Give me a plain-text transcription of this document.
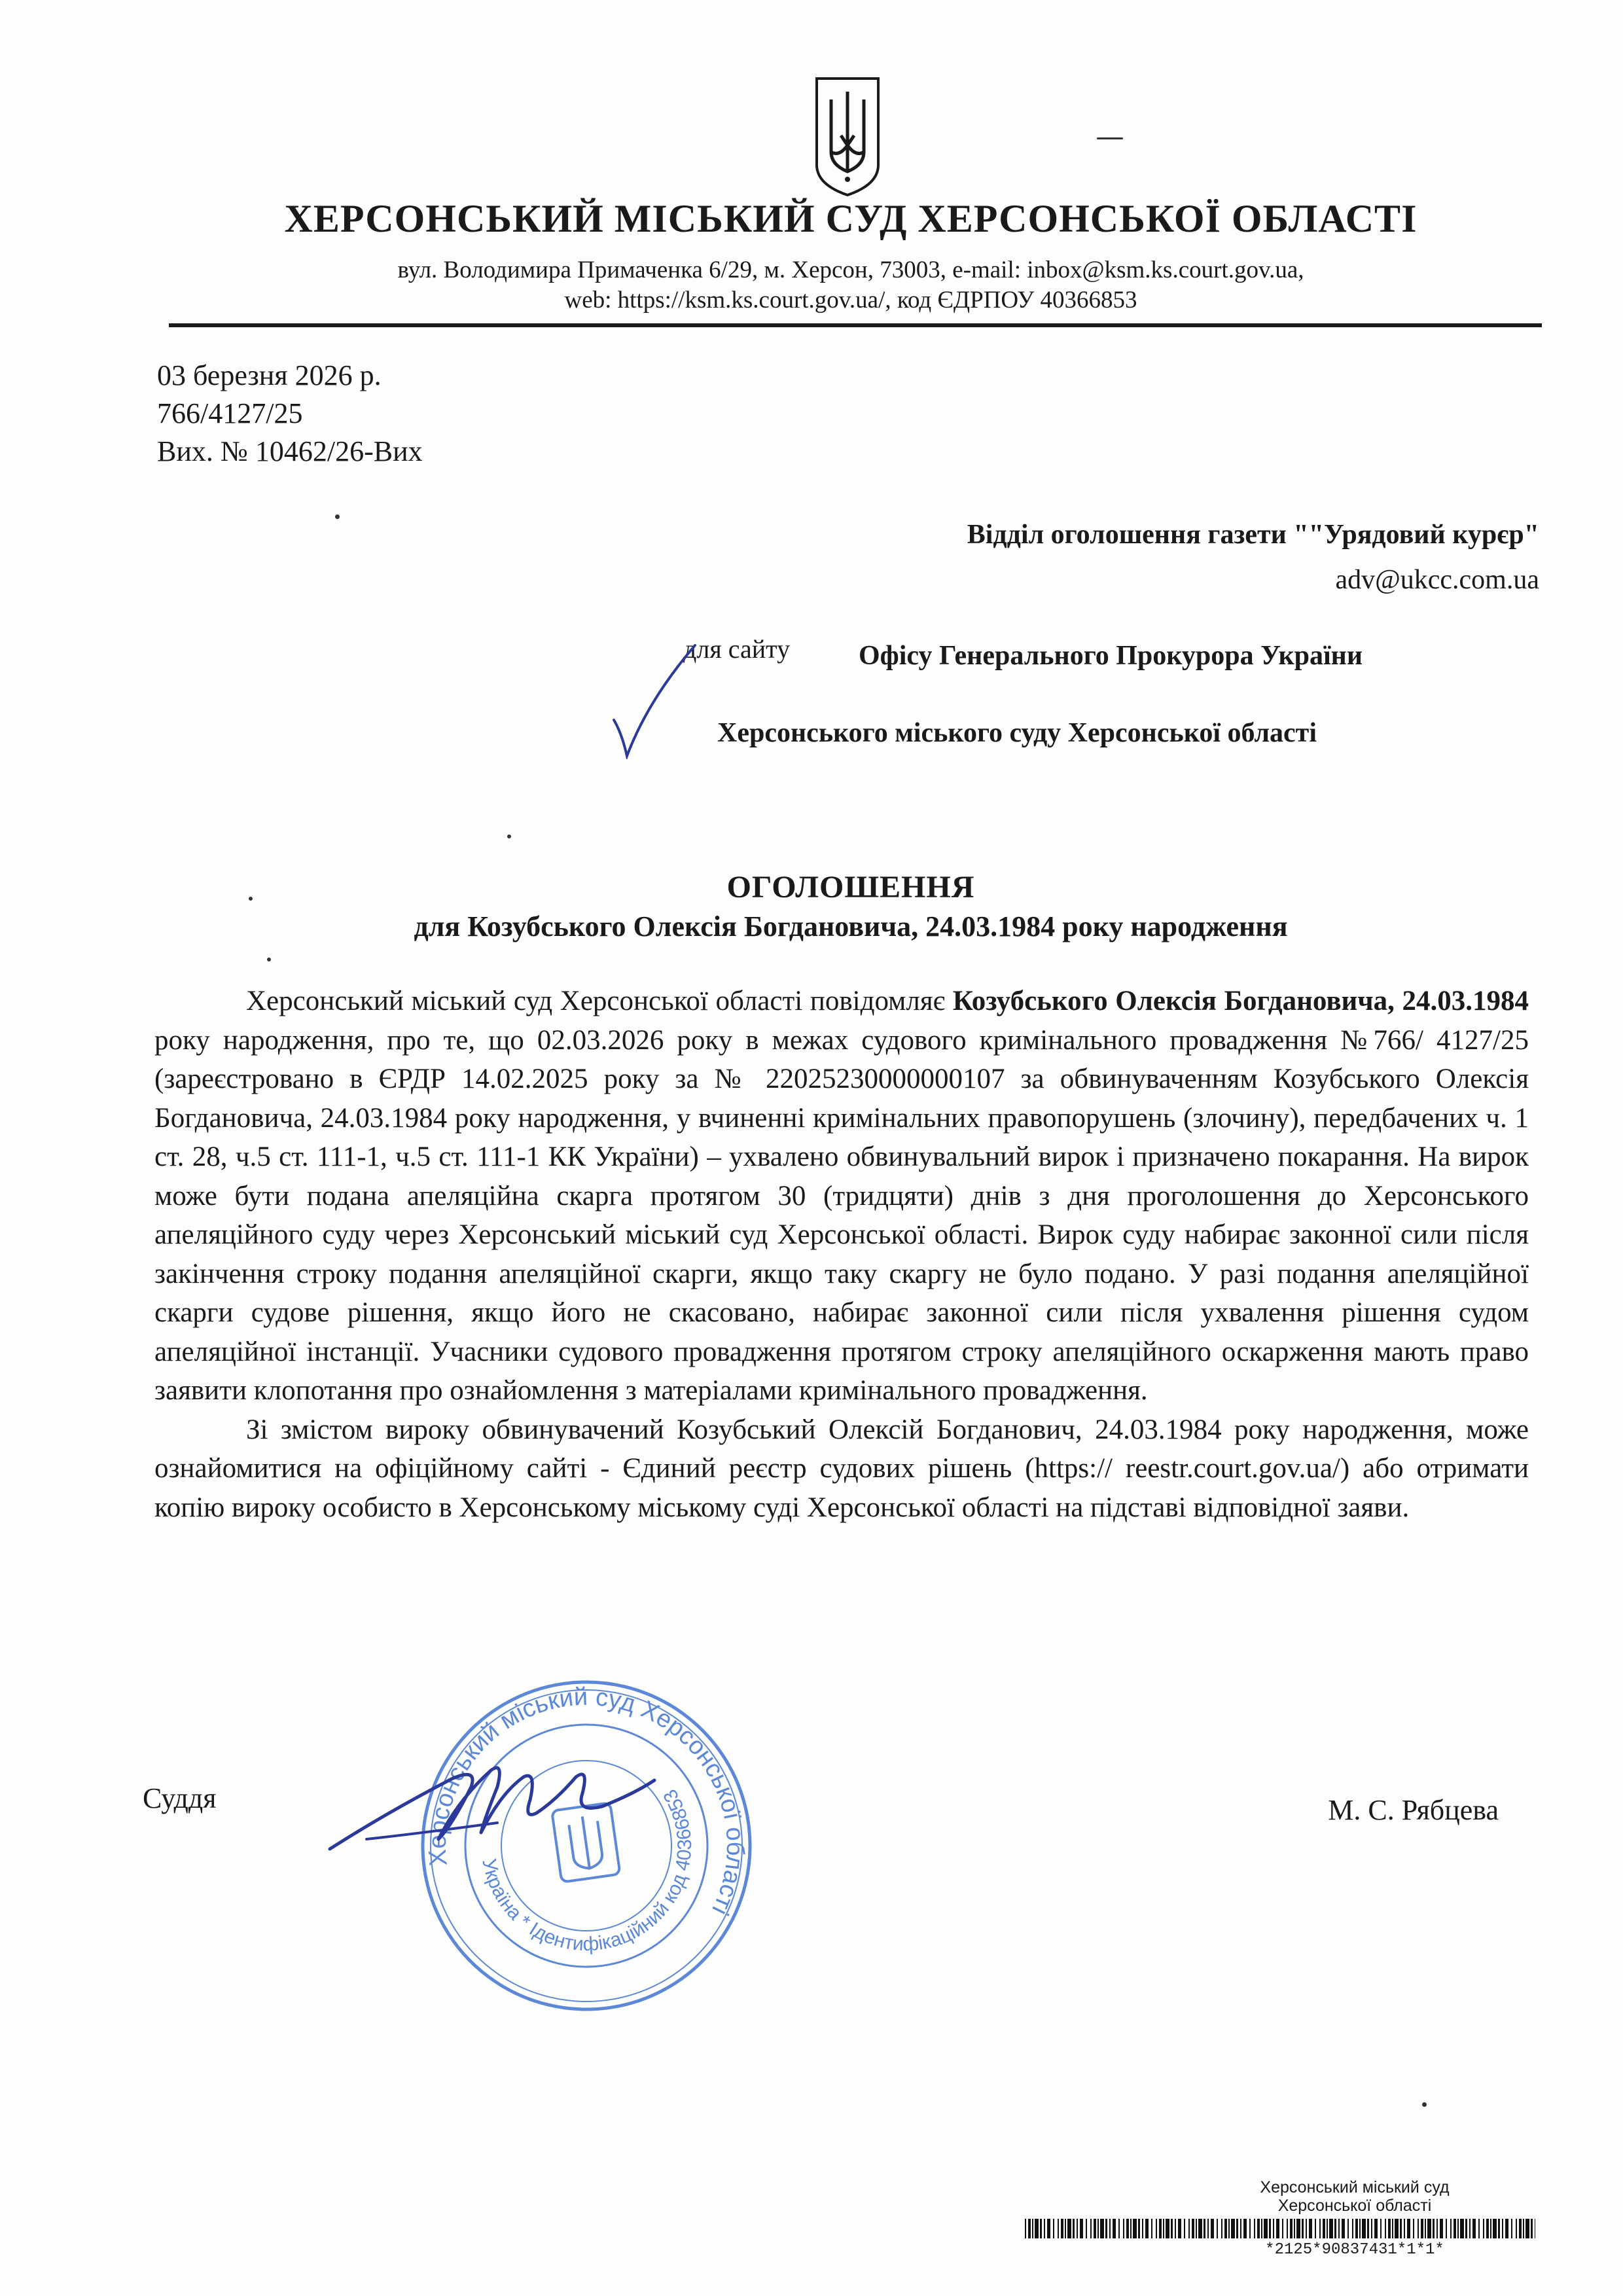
ХЕРСОНСЬКИЙ МІСЬКИЙ СУД ХЕРСОНСЬКОЇ ОБЛАСТІ
вул. Володимира Примаченка 6/29, м. Херсон, 73003, e-mail: inbox@ksm.ks.court.gov.ua,
web: https://ksm.ks.court.gov.ua/, код ЄДРПОУ 40366853
03 березня 2026 р.
766/4127/25
Вих. № 10462/26-Вих
Відділ оголошення газети ""Урядовий курєр"
adv@ukcc.com.ua
для сайту Офісу Генерального Прокурора України
Херсонського міського суду Херсонської області
ОГОЛОШЕННЯ
для Козубського Олексія Богдановича, 24.03.1984 року народження

Херсонський міський суд Херсонської області повідомляє Козубського Олексія Богдановича, 24.03.1984 року народження, про те, що 02.03.2026 року в межах судового кримінального провадження №766/ 4127/25 (зареєстровано в ЄРДР 14.02.2025 року за № 22025230000000107 за обвинуваченням Козубського Олексія Богдановича, 24.03.1984 року народження, у вчиненні кримінальних правопорушень (злочину), передбачених ч. 1 ст. 28, ч.5 ст. 111-1, ч.5 ст. 111-1 КК України) – ухвалено обвинувальний вирок і призначено покарання. На вирок може бути подана апеляційна скарга протягом 30 (тридцяти) днів з дня проголошення до Херсонського апеляційного суду через Херсонський міський суд Херсонської області. Вирок суду набирає законної сили після закінчення строку подання апеляційної скарги, якщо таку скаргу не було подано. У разі подання апеляційної скарги судове рішення, якщо його не скасовано, набирає законної сили після ухвалення рішення судом апеляційної інстанції. Учасники судового провадження протягом строку апеляційного оскарження мають право заявити клопотання про ознайомлення з матеріалами кримінального провадження.

Зі змістом вироку обвинувачений Козубський Олексій Богданович, 24.03.1984 року народження, може ознайомитися на офіційному сайті - Єдиний реєстр судових рішень (https:// reestr.court.gov.ua/) або отримати копію вироку особисто в Херсонському міському суді Херсонської області на підставі відповідної заяви.

Суддя	М. С. Рябцева
Херсонський міський суд Херсонської області
Україна * Ідентифікаційний код 40366853
Херсонський міський суд
Херсонської області
*2125*90837431*1*1*
